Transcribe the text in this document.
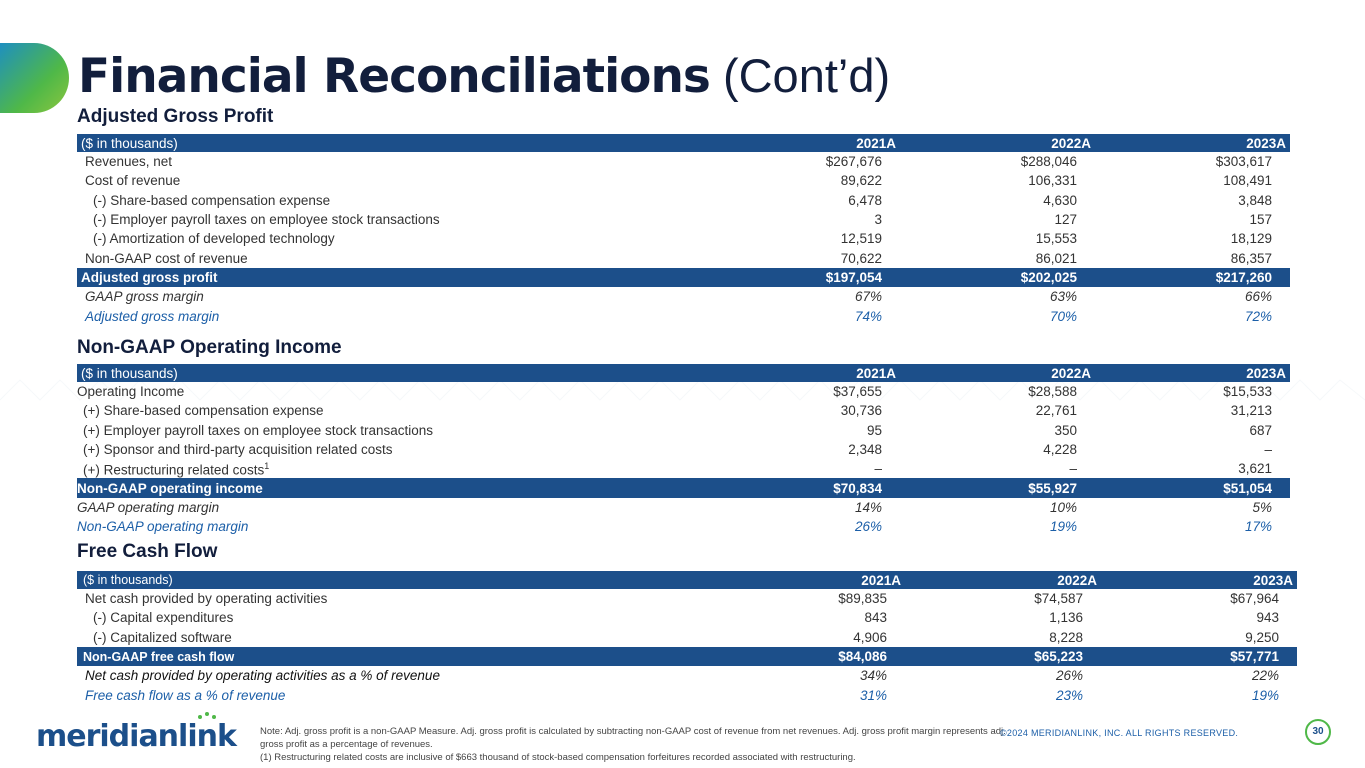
Financial Reconciliations (Cont’d)
Adjusted Gross Profit
($ in thousands)	2021A	2022A	2023A
Revenues, net	$267,676	$288,046	$303,617
Cost of revenue	89,622	106,331	108,491
(-) Share-based compensation expense	6,478	4,630	3,848
(-) Employer payroll taxes on employee stock transactions	3	127	157
(-) Amortization of developed technology	12,519	15,553	18,129
Non-GAAP cost of revenue	70,622	86,021	86,357
Adjusted gross profit	$197,054	$202,025	$217,260
GAAP gross margin	67%	63%	66%
Adjusted gross margin	74%	70%	72%
Non-GAAP Operating Income
($ in thousands)	2021A	2022A	2023A
Operating Income	$37,655	$28,588	$15,533
(+) Share-based compensation expense	30,736	22,761	31,213
(+) Employer payroll taxes on employee stock transactions	95	350	687
(+) Sponsor and third-party acquisition related costs	2,348	4,228	–
(+) Restructuring related costs$^1$	–	–	3,621
Non-GAAP operating income	$70,834	$55,927	$51,054
GAAP operating margin	14%	10%	5%
Non-GAAP operating margin	26%	19%	17%
Free Cash Flow
($ in thousands)	2021A	2022A	2023A
Net cash provided by operating activities	$89,835	$74,587	$67,964
(-) Capital expenditures	843	1,136	943
(-) Capitalized software	4,906	8,228	9,250
Non-GAAP free cash flow	$84,086	$65,223	$57,771
Net cash provided by operating activities as a % of revenue	34%	26%	22%
Free cash flow as a % of revenue	31%	23%	19%
meridianlink	Note: Adj. gross profit is a non-GAAP Measure. Adj. gross profit is calculated by subtracting non-GAAP cost of revenue from net revenues. Adj. gross profit margin represents adj. gross profit as a percentage of revenues.
(1) Restructuring related costs are inclusive of $663 thousand of stock-based compensation forfeitures recorded associated with restructuring.
©2024 MERIDIANLINK, INC. ALL RIGHTS RESERVED.	30
